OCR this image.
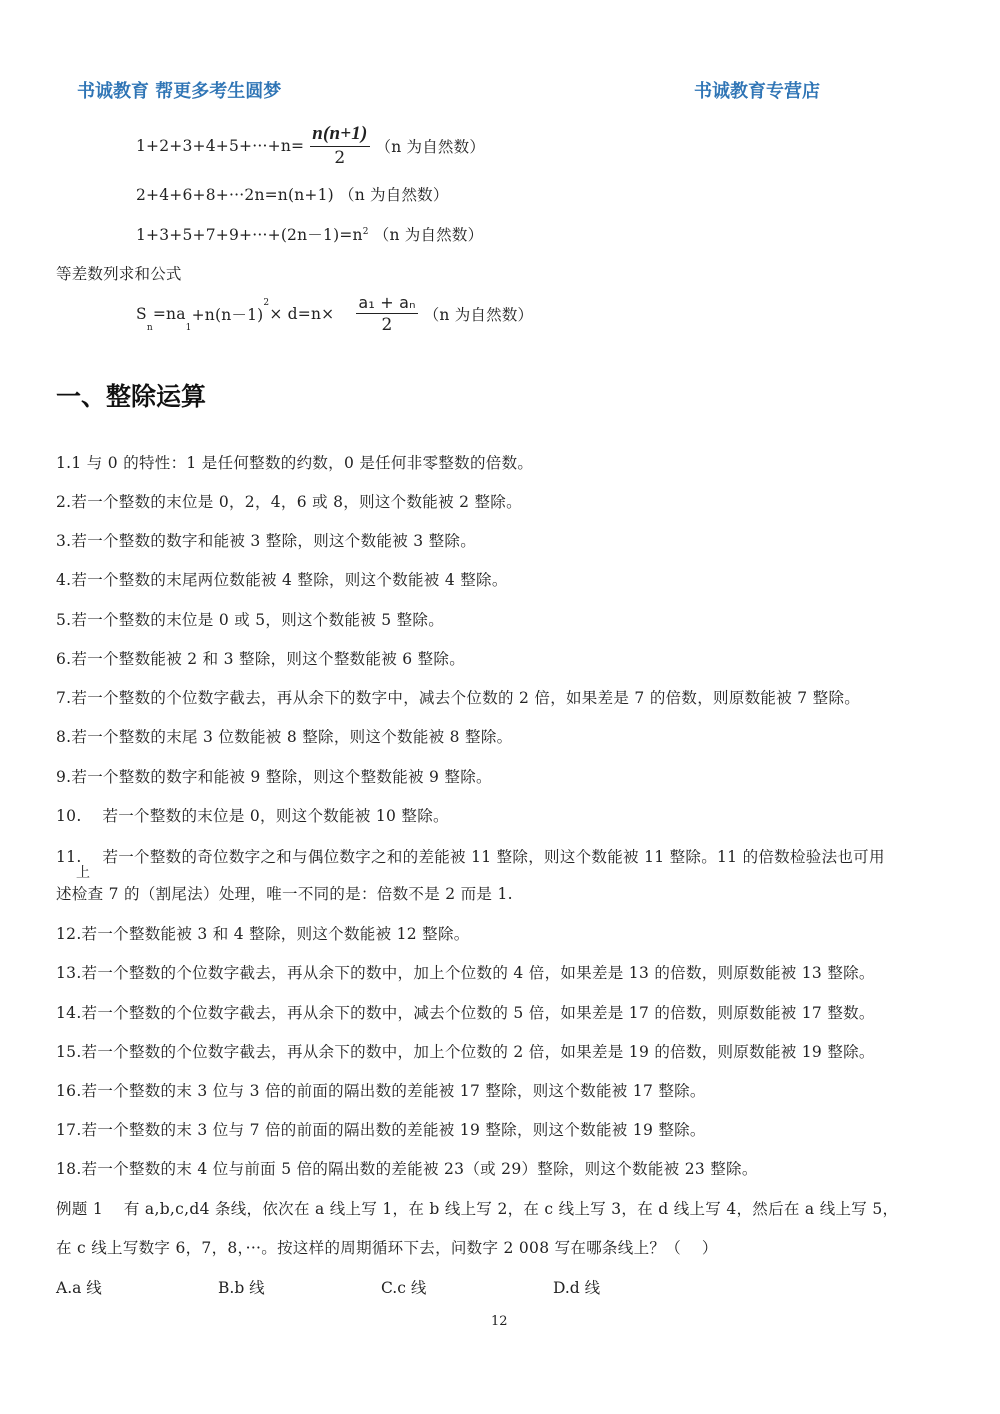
书诚教育 帮更多考生圆梦	书诚教育专营店
$1+2+3+4+5+\cdot\cdot\cdot+n= \frac{n(n+1)}{2} (n$ 为自然数）
2+4+6+8+···2n=n(n+1) （n 为自然数）
$1+3+5+7+9+\cdot\cdot\cdot+(2n-1)=n^2$ （n 为自然数）
等差数列求和公式
S
n
=na
1
+n(n－1)
$^2$
× $d=n\times \frac{\text{a₁ + aₙ}}{2} (n$ 为自然数）
一、整除运算
1.1 与 0 的特性：1 是任何整数的约数，0 是任何非零整数的倍数。
2.若一个整数的末位是 0，2，4，6 或 8，则这个数能被 2 整除。
3.若一个整数的数字和能被 3 整除，则这个数能被 3 整除。
4.若一个整数的末尾两位数能被 4 整除，则这个数能被 4 整除。
5.若一个整数的末位是 0 或 5，则这个数能被 5 整除。
6.若一个整数能被 2 和 3 整除，则这个整数能被 6 整除。
7.若一个整数的个位数字截去，再从余下的数字中，减去个位数的 2 倍，如果差是 7 的倍数，则原数能被 7 整除。
8.若一个整数的末尾 3 位数能被 8 整除，则这个数能被 8 整除。
9.若一个整数的数字和能被 9 整除，则这个整数能被 9 整除。
10.    若一个整数的末位是 0，则这个数能被 10 整除。
11.    若一个整数的奇位数字之和与偶位数字之和的差能被 11 整除，则这个数能被 11 整除。11 的倍数检验法也可用
上
述检查 7 的（割尾法）处理，唯一不同的是：倍数不是 2 而是 1.
12.若一个整数能被 3 和 4 整除，则这个数能被 12 整除。
13.若一个整数的个位数字截去，再从余下的数中，加上个位数的 4 倍，如果差是 13 的倍数，则原数能被 13 整除。
14.若一个整数的个位数字截去，再从余下的数中，减去个位数的 5 倍，如果差是 17 的倍数，则原数能被 17 整数。
15.若一个整数的个位数字截去，再从余下的数中，加上个位数的 2 倍，如果差是 19 的倍数，则原数能被 19 整除。
16.若一个整数的末 3 位与 3 倍的前面的隔出数的差能被 17 整除，则这个数能被 17 整除。
17.若一个整数的末 3 位与 7 倍的前面的隔出数的差能被 19 整除，则这个数能被 19 整除。
18.若一个整数的末 4 位与前面 5 倍的隔出数的差能被 23（或 29）整除，则这个数能被 23 整除。
例题 1    有 a,b,c,d4 条线，依次在 a 线上写 1，在 b 线上写 2，在 c 线上写 3，在 d 线上写 4，然后在 a 线上写 5，
在 c 线上写数字 6，7，8，···。按这样的周期循环下去，问数字 2 008 写在哪条线上？（    ）
A.a 线	B.b 线	C.c 线	D.d 线
12
